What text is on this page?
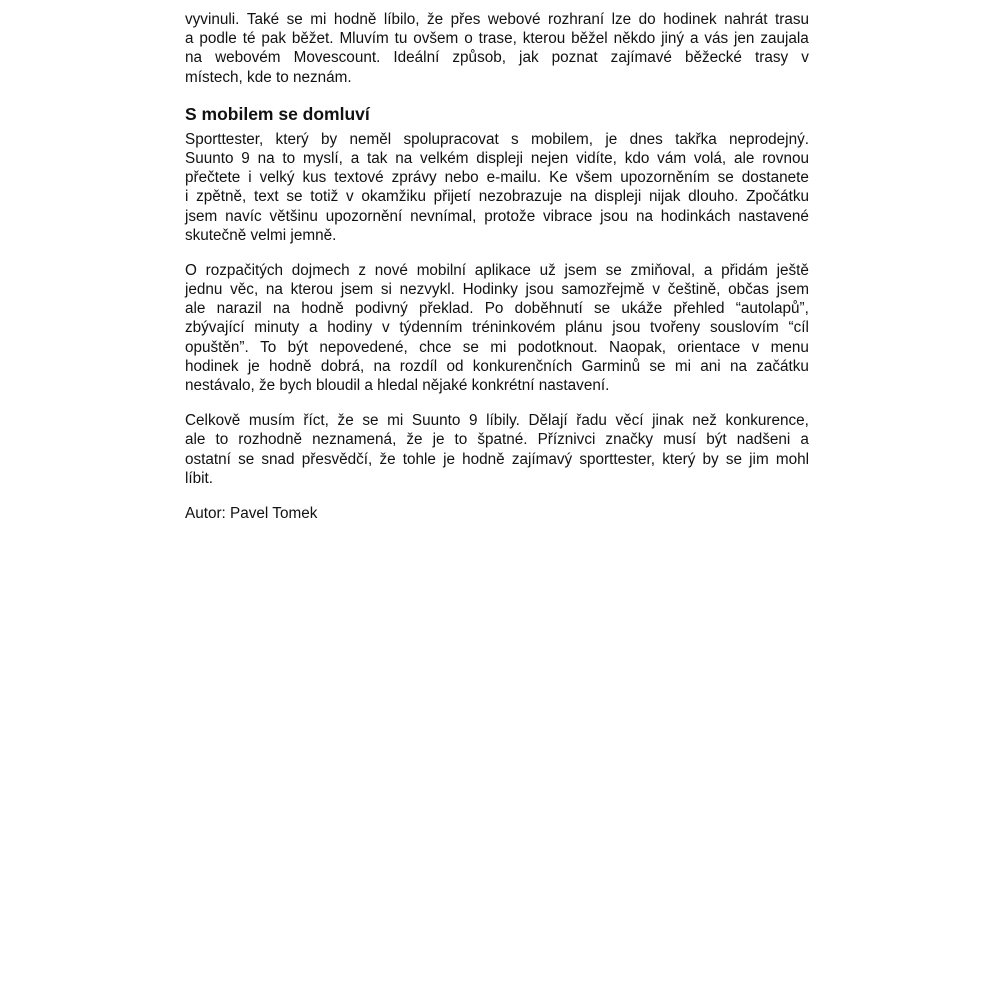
vyvinuli. Také se mi hodně líbilo, že přes webové rozhraní lze do hodinek nahrát trasu
a podle té pak běžet. Mluvím tu ovšem o trase, kterou běžel někdo jiný a vás jen zaujala
na webovém Movescount. Ideální způsob, jak poznat zajímavé běžecké trasy v
místech, kde to neznám.
S mobilem se domluví
Sporttester, který by neměl spolupracovat s mobilem, je dnes takřka neprodejný.
Suunto 9 na to myslí, a tak na velkém displeji nejen vidíte, kdo vám volá, ale rovnou
přečtete i velký kus textové zprávy nebo e-mailu. Ke všem upozorněním se dostanete
i zpětně, text se totiž v okamžiku přijetí nezobrazuje na displeji nijak dlouho. Zpočátku
jsem navíc většinu upozornění nevnímal, protože vibrace jsou na hodinkách nastavené
skutečně velmi jemně.
O rozpačitých dojmech z nové mobilní aplikace už jsem se zmiňoval, a přidám ještě
jednu věc, na kterou jsem si nezvykl. Hodinky jsou samozřejmě v češtině, občas jsem
ale narazil na hodně podivný překlad. Po doběhnutí se ukáže přehled “autolapů”,
zbývající minuty a hodiny v týdenním tréninkovém plánu jsou tvořeny souslovím “cíl
opuštěn”. To být nepovedené, chce se mi podotknout. Naopak, orientace v menu
hodinek je hodně dobrá, na rozdíl od konkurenčních Garminů se mi ani na začátku
nestávalo, že bych bloudil a hledal nějaké konkrétní nastavení.
Celkově musím říct, že se mi Suunto 9 líbily. Dělají řadu věcí jinak než konkurence,
ale to rozhodně neznamená, že je to špatné. Příznivci značky musí být nadšeni a
ostatní se snad přesvědčí, že tohle je hodně zajímavý sporttester, který by se jim mohl
líbit.
Autor: Pavel Tomek
